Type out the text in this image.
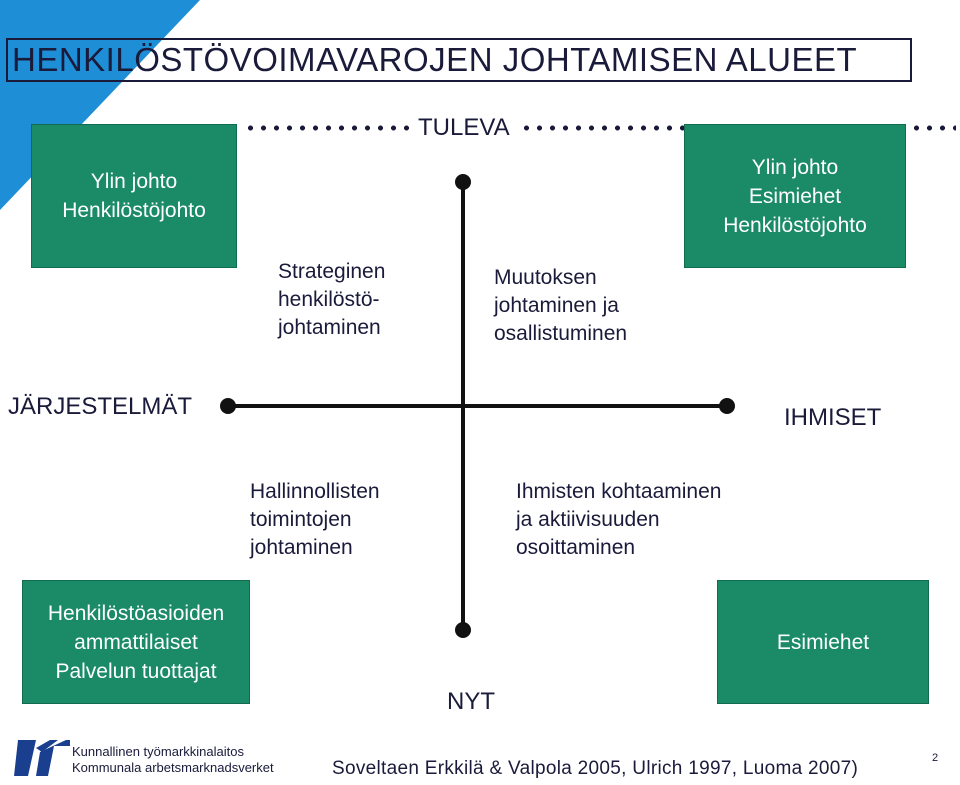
HENKILÖSTÖVOIMAVAROJEN JOHTAMISEN ALUEET
TULEVA
NYT
JÄRJESTELMÄT	IHMISET
Strateginen
henkilöstö-
johtaminen
Muutoksen
johtaminen ja
osallistuminen
Hallinnollisten
toimintojen
johtaminen
Ihmisten kohtaaminen
ja aktiivisuuden
osoittaminen
Ylin johto
Henkilöstöjohto
Ylin johto
Esimiehet
Henkilöstöjohto
Henkilöstöasioiden
ammattilaiset
Palvelun tuottajat
Esimiehet
Kunnallinen työmarkkinalaitos
Kommunala arbetsmarknadsverket	Soveltaen Erkkilä & Valpola 2005, Ulrich 1997, Luoma 2007)	2
